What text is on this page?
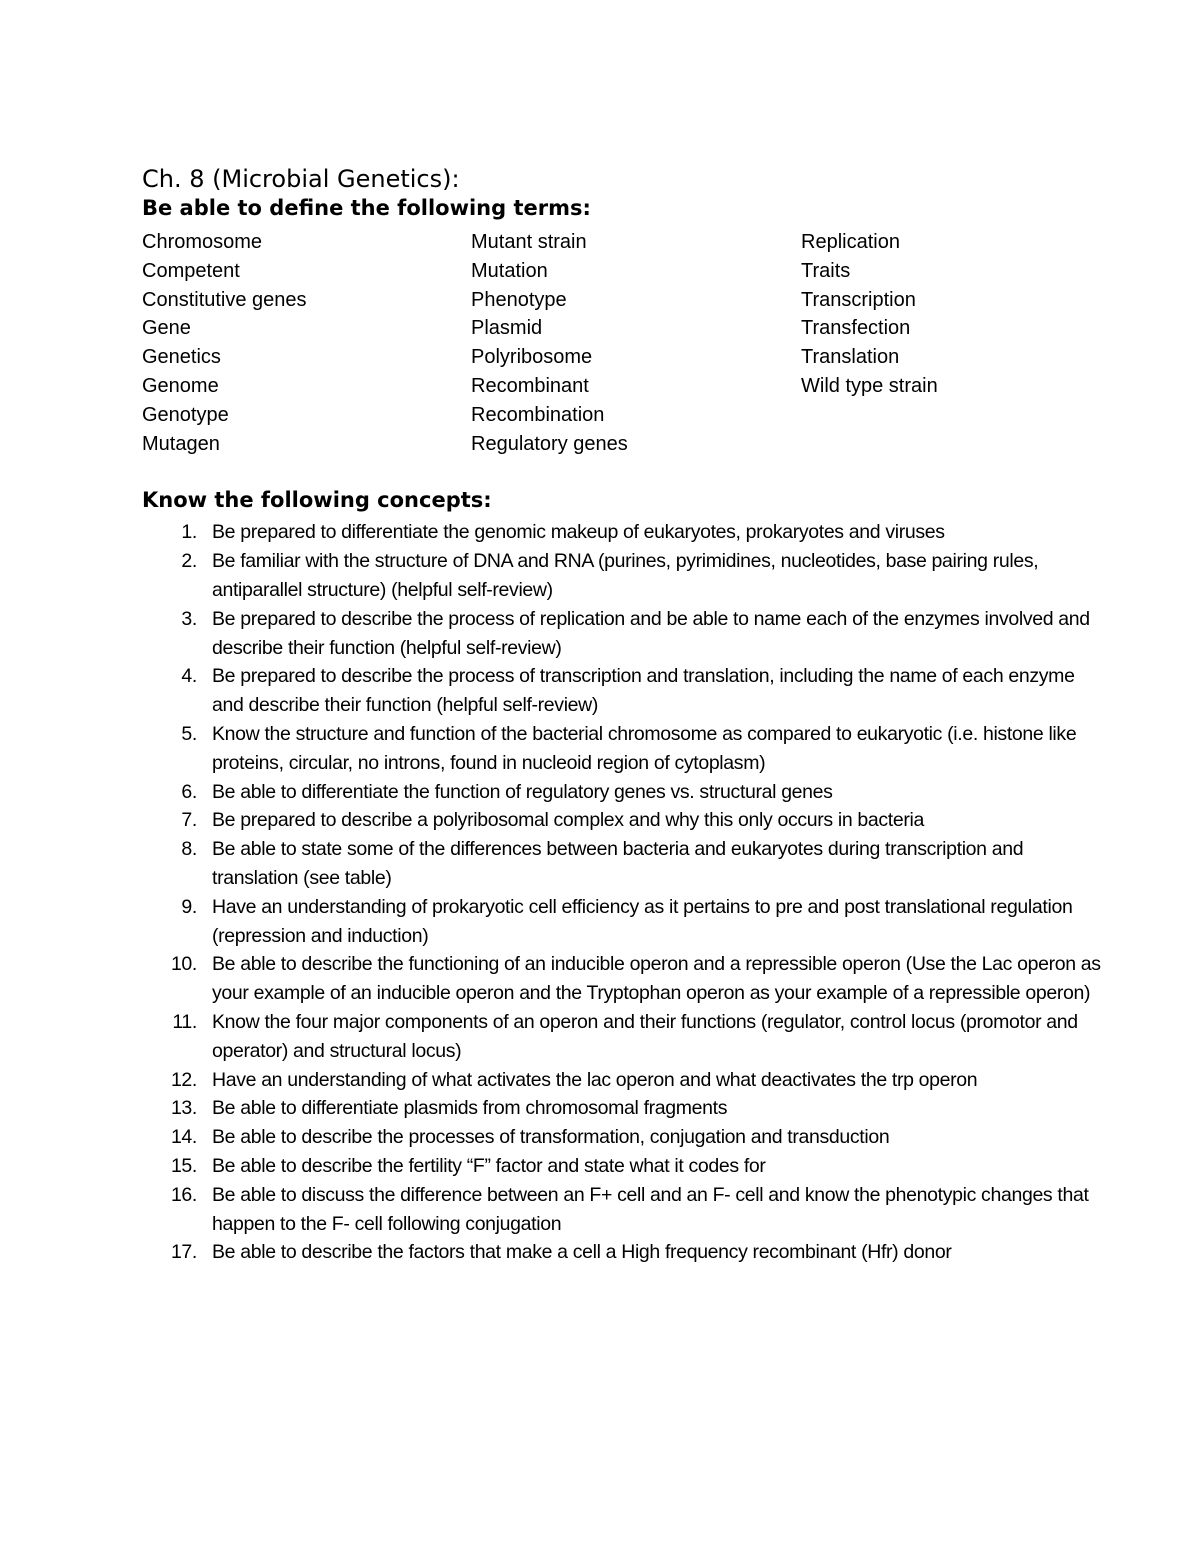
Ch. 8 (Microbial Genetics):
Be able to define the following terms:
Chromosome
Competent
Constitutive genes
Gene
Genetics
Genome
Genotype
Mutagen
Mutant strain
Mutation
Phenotype
Plasmid
Polyribosome
Recombinant
Recombination
Regulatory genes
Replication
Traits
Transcription
Transfection
Translation
Wild type strain
Know the following concepts:
1. Be prepared to differentiate the genomic makeup of eukaryotes, prokaryotes and viruses
2. Be familiar with the structure of DNA and RNA (purines, pyrimidines, nucleotides, base pairing rules, antiparallel structure) (helpful self-review)
3. Be prepared to describe the process of replication and be able to name each of the enzymes involved and describe their function (helpful self-review)
4. Be prepared to describe the process of transcription and translation, including the name of each enzyme and describe their function (helpful self-review)
5. Know the structure and function of the bacterial chromosome as compared to eukaryotic (i.e. histone like proteins, circular, no introns, found in nucleoid region of cytoplasm)
6. Be able to differentiate the function of regulatory genes vs. structural genes
7. Be prepared to describe a polyribosomal complex and why this only occurs in bacteria
8. Be able to state some of the differences between bacteria and eukaryotes during transcription and translation (see table)
9. Have an understanding of prokaryotic cell efficiency as it pertains to pre and post translational regulation (repression and induction)
10. Be able to describe the functioning of an inducible operon and a repressible operon (Use the Lac operon as your example of an inducible operon and the Tryptophan operon as your example of a repressible operon)
11. Know the four major components of an operon and their functions (regulator, control locus (promotor and operator) and structural locus)
12. Have an understanding of what activates the lac operon and what deactivates the trp operon
13. Be able to differentiate plasmids from chromosomal fragments
14. Be able to describe the processes of transformation, conjugation and transduction
15. Be able to describe the fertility “F” factor and state what it codes for
16. Be able to discuss the difference between an F+ cell and an F- cell and know the phenotypic changes that happen to the F- cell following conjugation
17. Be able to describe the factors that make a cell a High frequency recombinant (Hfr) donor
